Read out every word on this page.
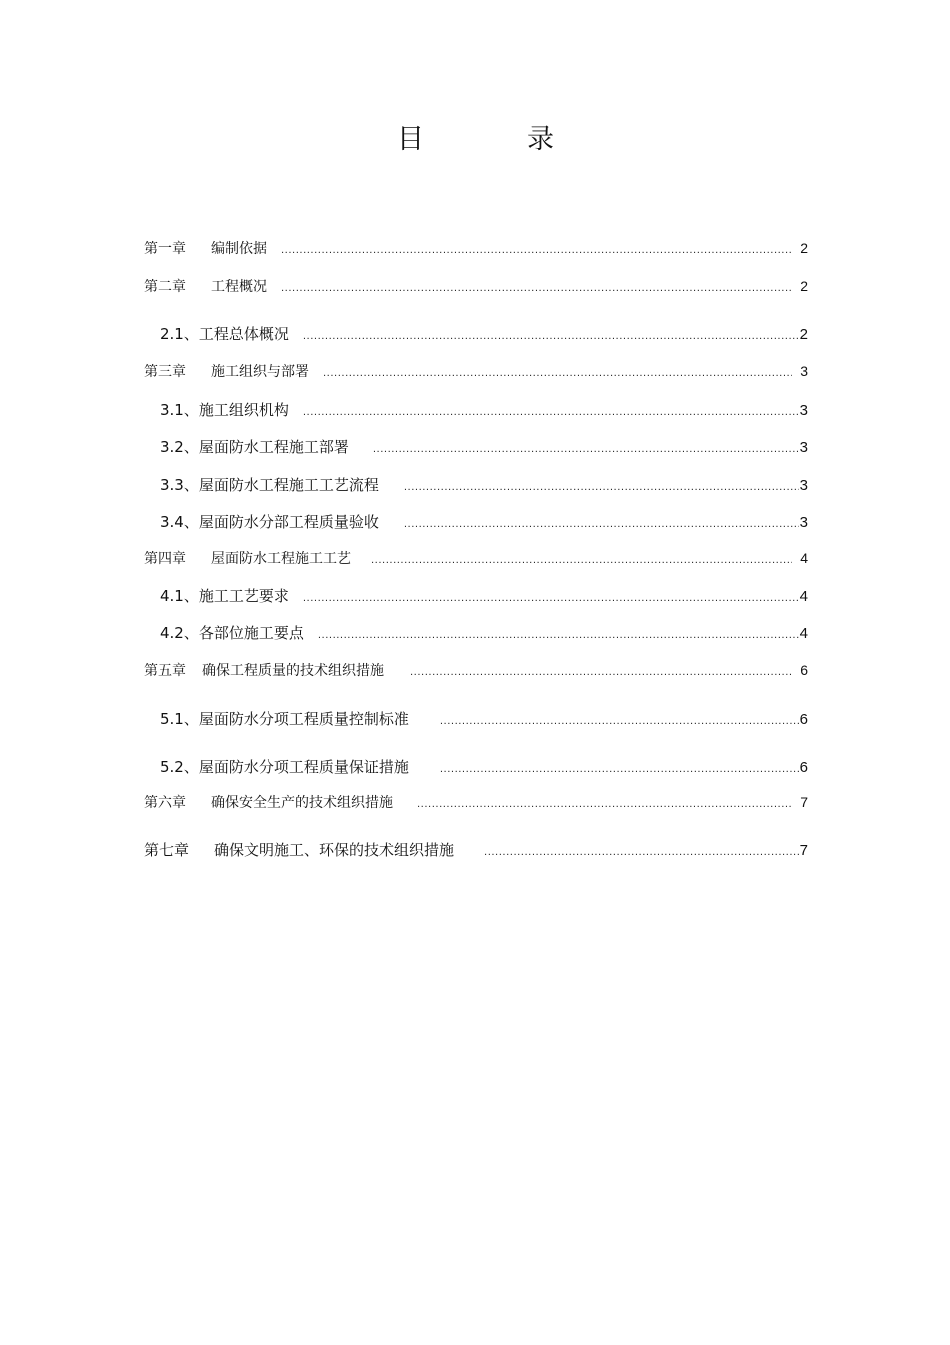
目	录
第一章	编制依据 .....	2
第二章	工程概况 .....	2
2.1、工程总体概况 .....	2
第三章	施工组织与部署 .....	3
3.1、施工组织机构 .....	3
3.2、屋面防水工程施工部署 .....	3
3.3、屋面防水工程施工工艺流程 .....	3
3.4、屋面防水分部工程质量验收 .....	3
第四章	屋面防水工程施工工艺 .....	4
4.1、施工工艺要求 .....	4
4.2、各部位施工要点 .....	4
第五章	确保工程质量的技术组织措施 .....	6
5.1、屋面防水分项工程质量控制标准 .....	6
5.2、屋面防水分项工程质量保证措施 .....	6
第六章	确保安全生产的技术组织措施 .....	7
第七章	确保文明施工、环保的技术组织措施 .....	7
